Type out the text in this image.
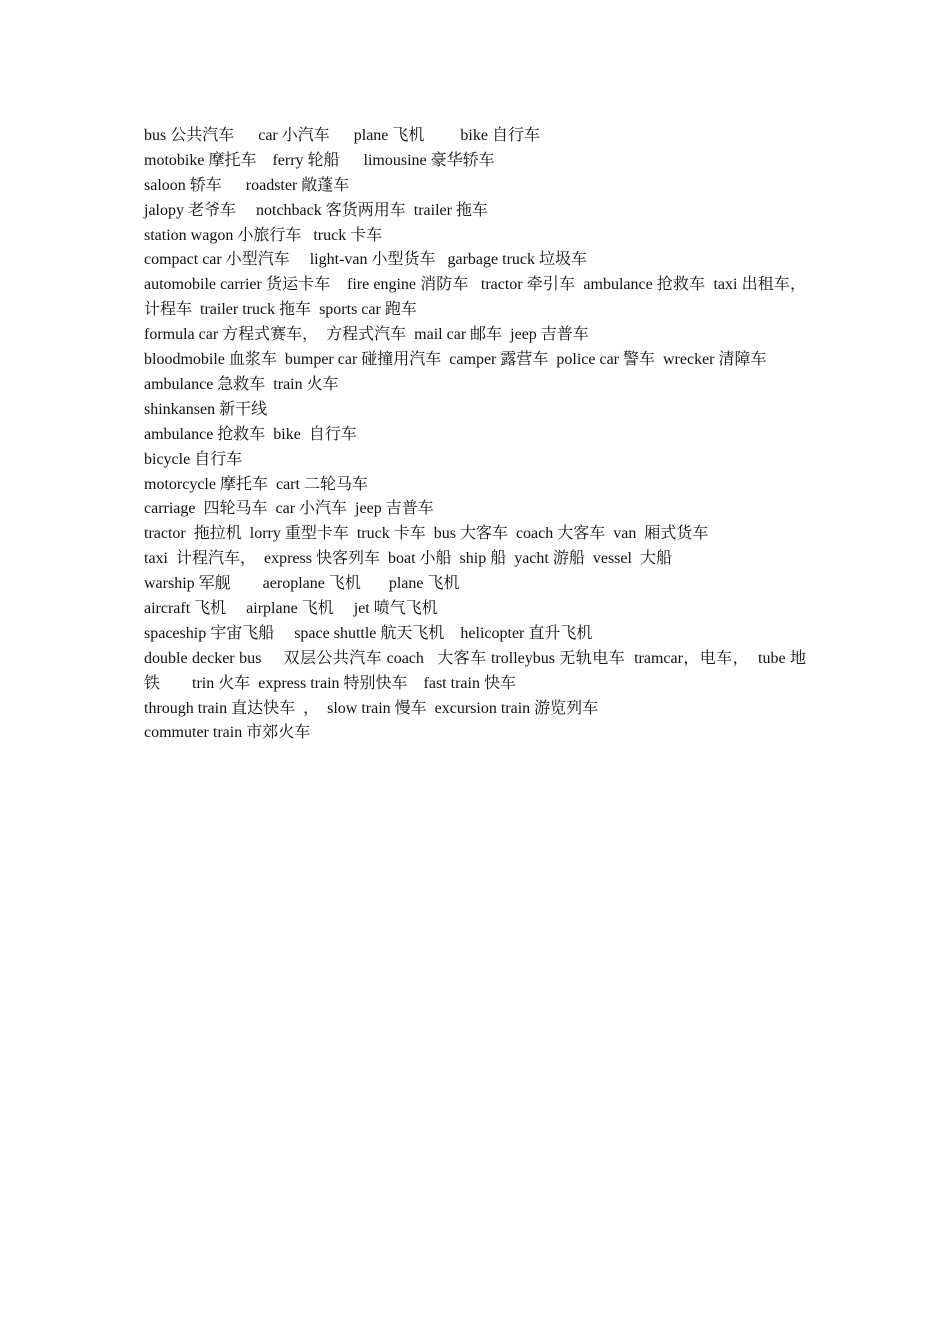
bus 公共汽车      car 小汽车      plane 飞机         bike 自行车
motobike 摩托车    ferry 轮船      limousine 豪华轿车
saloon 轿车      roadster 敞蓬车
jalopy 老爷车     notchback 客货两用车  trailer 拖车
station wagon 小旅行车   truck 卡车
compact car 小型汽车     light-van 小型货车   garbage truck 垃圾车
automobile carrier 货运卡车    fire engine 消防车   tractor 牵引车  ambulance 抢救车  taxi 出租车，  计程车  trailer truck 拖车  sports car 跑车
formula car 方程式赛车，  方程式汽车  mail car 邮车  jeep 吉普车
bloodmobile 血浆车  bumper car 碰撞用汽车  camper 露营车  police car 警车  wrecker 清障车
ambulance 急救车  train 火车
shinkansen 新干线
ambulance 抢救车  bike  自行车
bicycle 自行车
motorcycle 摩托车  cart 二轮马车
carriage  四轮马车  car 小汽车  jeep 吉普车
tractor  拖拉机  lorry 重型卡车  truck 卡车  bus 大客车  coach 大客车  van  厢式货车
taxi  计程汽车，  express 快客列车  boat 小船  ship 船  yacht 游船  vessel  大船
warship 军舰        aeroplane 飞机       plane 飞机
aircraft 飞机     airplane 飞机     jet 喷气飞机
spaceship 宇宙飞船     space shuttle 航天飞机    helicopter 直升飞机
double decker bus     双层公共汽车 coach   大客车 trolleybus 无轨电车  tramcar，电车，  tube 地铁        trin 火车  express train 特别快车    fast train 快车
through train 直达快车  ，  slow train 慢车  excursion train 游览列车
commuter train 市郊火车
